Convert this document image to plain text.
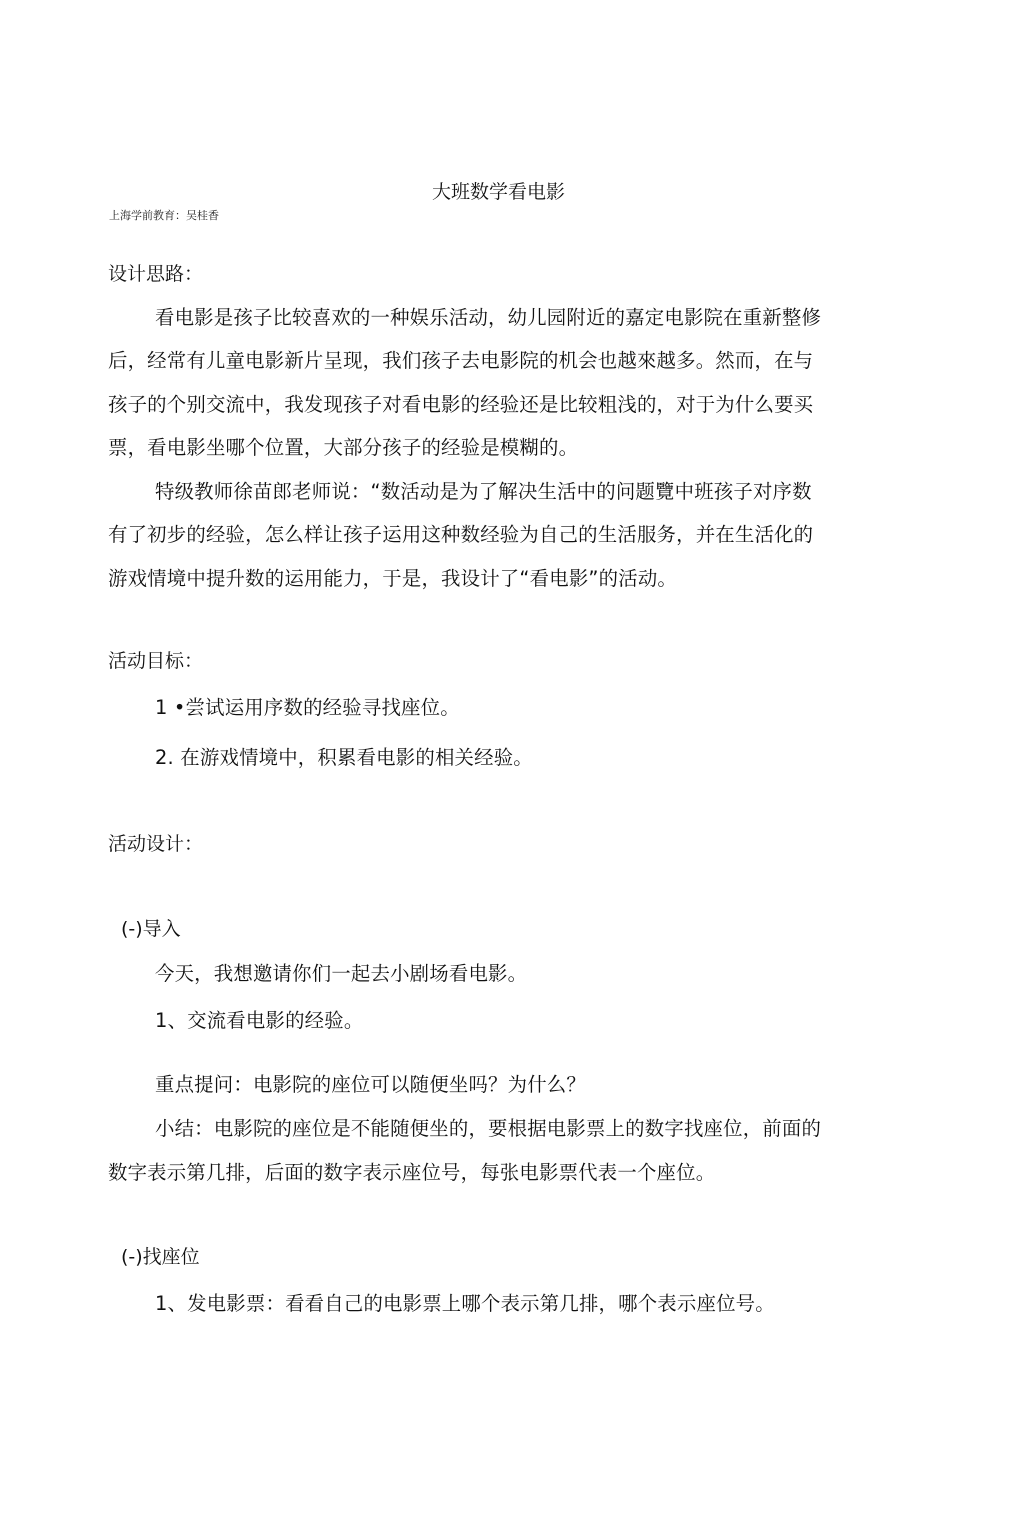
大班数学看电影
上海学前教育：吴桂香
设计思路：
看电影是孩子比较喜欢的一种娱乐活动，幼儿园附近的嘉定电影院在重新整修
后，经常有儿童电影新片呈现，我们孩子去电影院的机会也越來越多。然而，在与
孩子的个别交流中，我发现孩子对看电影的经验还是比较粗浅的，对于为什么要买
票，看电影坐哪个位置，大部分孩子的经验是模糊的。
特级教师徐苗郎老师说：“数活动是为了解决生活中的问题覽中班孩子对序数
有了初步的经验，怎么样让孩子运用这种数经验为自己的生活服务，并在生活化的
游戏情境中提升数的运用能力，于是，我设计了“看电影”的活动。
活动目标：
1 •尝试运用序数的经验寻找座位。
2. 在游戏情境中，积累看电影的相关经验。
活动设计：
(-)导入
今天，我想邀请你们一起去小剧场看电影。
1、交流看电影的经验。
重点提问：电影院的座位可以随便坐吗？为什么？
小结：电影院的座位是不能随便坐的，要根据电影票上的数字找座位，前面的
数字表示第几排，后面的数字表示座位号，每张电影票代表一个座位。
(-)找座位
1、发电影票：看看自己的电影票上哪个表示第几排，哪个表示座位号。
